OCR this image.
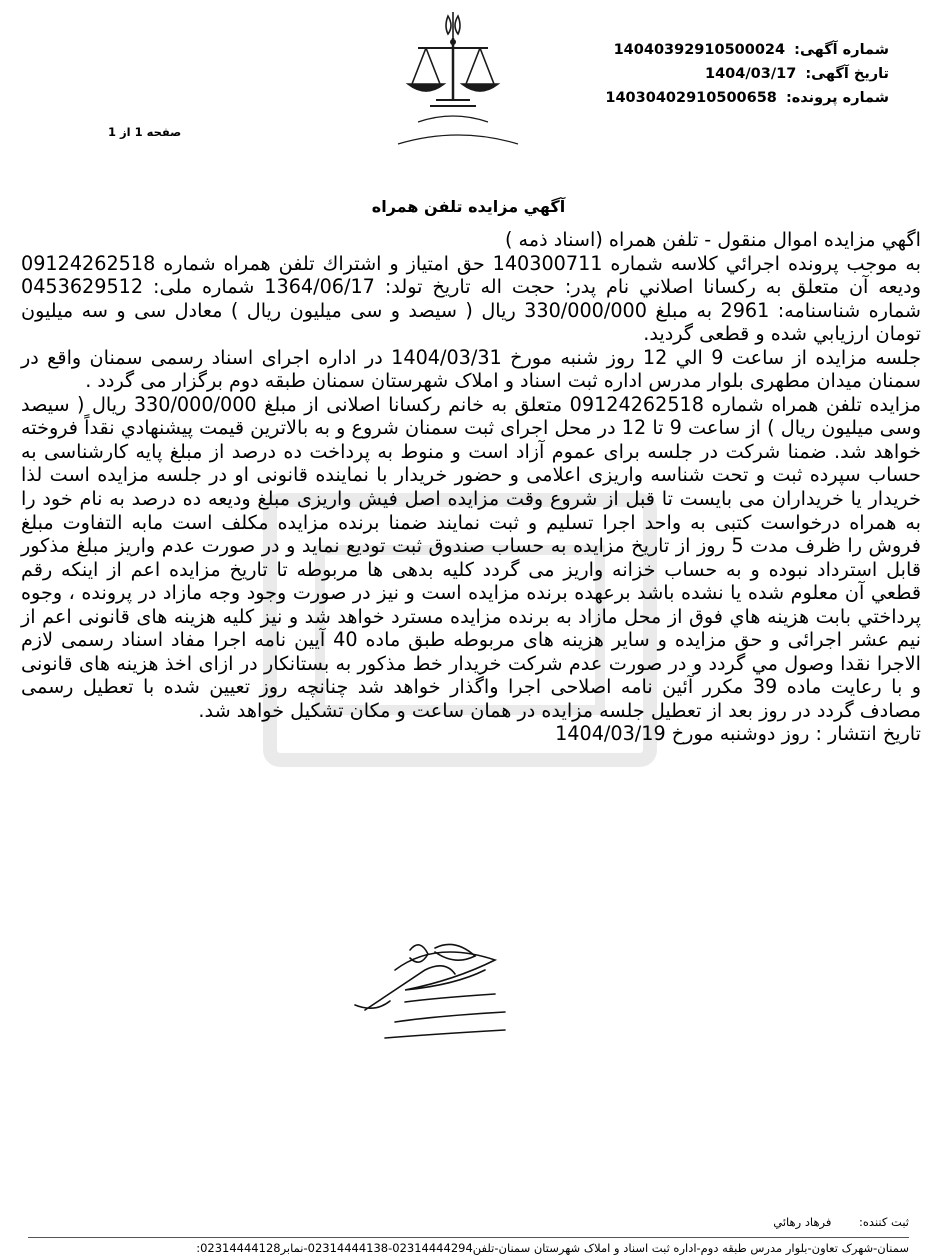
شماره آگهی: 14040392910500024
تاریخ آگهی: 1404/03/17
شماره پرونده: 14030402910500658
صفحه 1 از 1
آگهي مزایده تلفن همراه

اگهي مزايده اموال منقول - تلفن همراه (اسناد ذمه )

به موجب پرونده اجرائي كلاسه شماره 140300711 حق امتياز و اشتراك تلفن همراه شماره 09124262518 وديعه آن متعلق به ركسانا اصلاني نام پدر: حجت اله تاريخ تولد: 1364/06/17 شماره ملی: 0453629512 شماره شناسنامه: 2961 به مبلغ 330/000/000 ريال ( سيصد و سی ميليون ريال ) معادل سی و سه ميليون تومان ارزيابي شده و قطعی گرديد.

جلسه مزايده از ساعت 9 الي 12 روز شنبه مورخ 1404/03/31 در اداره اجرای اسناد رسمی سمنان واقع در سمنان ميدان مطهری بلوار مدرس اداره ثبت اسناد و املاک شهرستان سمنان طبقه دوم برگزار می گردد .

مزایده تلفن همراه شماره 09124262518 متعلق به خانم ركسانا اصلانی از مبلغ 330/000/000 ریال ( سیصد وسی میلیون ریال ) از ساعت 9 تا 12 در محل اجرای ثبت سمنان شروع و به بالاترين قيمت پيشنهادي نقداً فروخته خواهد شد. ضمنا شرکت در جلسه برای عموم آزاد است و منوط به پرداخت ده درصد از مبلغ پايه كارشناسی به حساب سپرده ثبت و تحت شناسه واریزی اعلامی و حضور خریدار با نماينده قانونی او در جلسه مزایده است لذا خريدار يا خريداران می بایست تا قبل از شروع وقت مزایده اصل فيش واريزی مبلغ ودیعه ده درصد به نام خود را به همراه درخواست کتبی به واحد اجرا تسليم و ثبت نمايند ضمنا برنده مزايده مكلف است مابه التفاوت مبلغ فروش را ظرف مدت 5 روز از تاریخ مزایده به حساب صندوق ثبت توديع نمايد و در صورت عدم واريز مبلغ مذكور قابل استرداد نبوده و به حساب خزانه واريز می گردد كليه بدهی ها مربوطه تا تاريخ مزايده اعم از اينكه رقم قطعي آن معلوم شده يا نشده باشد برعهده برنده مزايده است و نيز در صورت وجود وجه مازاد در پرونده ، وجوه پرداختي بابت هزينه هاي فوق از محل مازاد به برنده مزايده مسترد خواهد شد و نيز كليه هزينه های قانونی اعم از نيم عشر اجرائی و حق مزايده و ساير هزينه های مربوطه طبق ماده 40 آيين نامه اجرا مفاد اسناد رسمی لازم الاجرا نقدا وصول مي گردد و در صورت عدم شركت خريدار خط مذكور به بستانكار در ازای اخذ هزينه های قانونی و با رعايت ماده 39 مكرر آئين نامه اصلاحی اجرا واگذار خواهد شد چنانچه روز تعيين شده با تعطيل رسمی مصادف گردد در روز بعد از تعطيل جلسه مزايده در همان ساعت و مكان تشكيل خواهد شد.

تاريخ انتشار : روز دوشنبه مورخ 1404/03/19

ثبت کننده: فرهاد رهائي
سمنان-شهرک تعاون-بلوار مدرس طبقه دوم-اداره ثبت اسناد و املاک شهرستان سمنان-تلفن02314444294-02314444138-نمابر02314444128:
